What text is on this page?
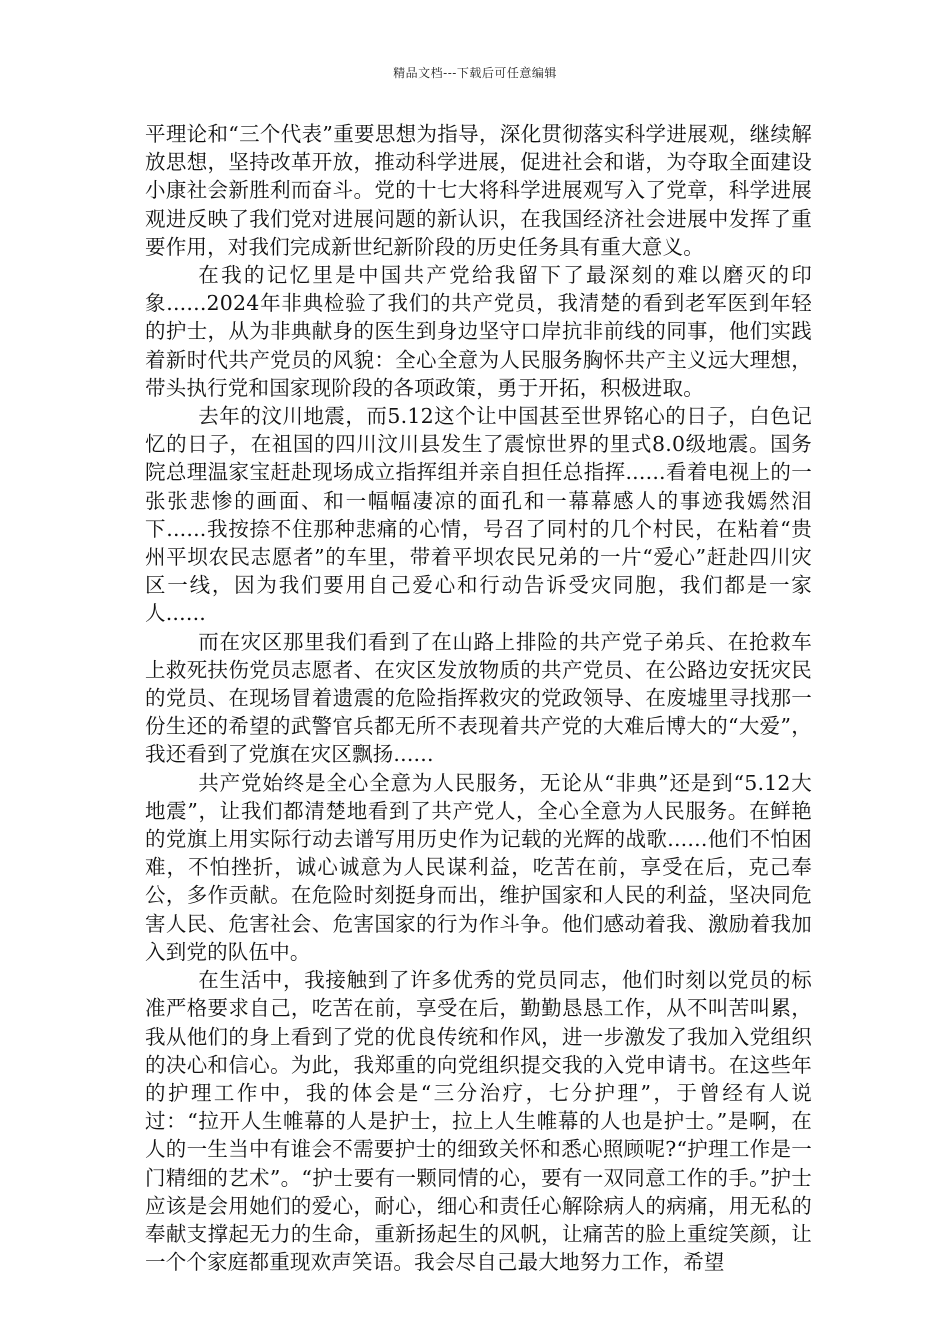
精品文档---下载后可任意编辑

平理论和“三个代表”重要思想为指导，深化贯彻落实科学进展观，继续解放思想，坚持改革开放，推动科学进展，促进社会和谐，为夺取全面建设小康社会新胜利而奋斗。党的十七大将科学进展观写入了党章，科学进展观进反映了我们党对进展问题的新认识，在我国经济社会进展中发挥了重要作用，对我们完成新世纪新阶段的历史任务具有重大意义。

在我的记忆里是中国共产党给我留下了最深刻的难以磨灭的印象......2024年非典检验了我们的共产党员，我清楚的看到老军医到年轻的护士，从为非典献身的医生到身边坚守口岸抗非前线的同事，他们实践着新时代共产党员的风貌：全心全意为人民服务胸怀共产主义远大理想，带头执行党和国家现阶段的各项政策，勇于开拓，积极进取。

去年的汶川地震，而5.12这个让中国甚至世界铭心的日子，白色记忆的日子，在祖国的四川汶川县发生了震惊世界的里式8.0级地震。国务院总理温家宝赶赴现场成立指挥组并亲自担任总指挥......看着电视上的一张张悲惨的画面、和一幅幅凄凉的面孔和一幕幕感人的事迹我嫣然泪下......我按捺不住那种悲痛的心情，号召了同村的几个村民，在粘着“贵州平坝农民志愿者”的车里，带着平坝农民兄弟的一片“爱心”赶赴四川灾区一线，因为我们要用自己爱心和行动告诉受灾同胞，我们都是一家人......

而在灾区那里我们看到了在山路上排险的共产党子弟兵、在抢救车上救死扶伤党员志愿者、在灾区发放物质的共产党员、在公路边安抚灾民的党员、在现场冒着遗震的危险指挥救灾的党政领导、在废墟里寻找那一份生还的希望的武警官兵都无所不表现着共产党的大难后博大的“大爱”，我还看到了党旗在灾区飘扬......

共产党始终是全心全意为人民服务，无论从“非典”还是到“5.12大地震”，让我们都清楚地看到了共产党人，全心全意为人民服务。在鲜艳的党旗上用实际行动去谱写用历史作为记载的光辉的战歌......他们不怕困难，不怕挫折，诚心诚意为人民谋利益，吃苦在前，享受在后，克己奉公，多作贡献。在危险时刻挺身而出，维护国家和人民的利益，坚决同危害人民、危害社会、危害国家的行为作斗争。他们感动着我、激励着我加入到党的队伍中。

在生活中，我接触到了许多优秀的党员同志，他们时刻以党员的标准严格要求自己，吃苦在前，享受在后，勤勤恳恳工作，从不叫苦叫累，我从他们的身上看到了党的优良传统和作风，进一步激发了我加入党组织的决心和信心。为此，我郑重的向党组织提交我的入党申请书。在这些年的护理工作中，我的体会是“三分治疗，七分护理”，于曾经有人说过：“拉开人生帷幕的人是护士，拉上人生帷幕的人也是护士。”是啊，在人的一生当中有谁会不需要护士的细致关怀和悉心照顾呢?“护理工作是一门精细的艺术”。“护士要有一颗同情的心，要有一双同意工作的手。”护士应该是会用她们的爱心，耐心，细心和责任心解除病人的病痛，用无私的奉献支撑起无力的生命，重新扬起生的风帆，让痛苦的脸上重绽笑颜，让一个个家庭都重现欢声笑语。我会尽自己最大地努力工作，希望
